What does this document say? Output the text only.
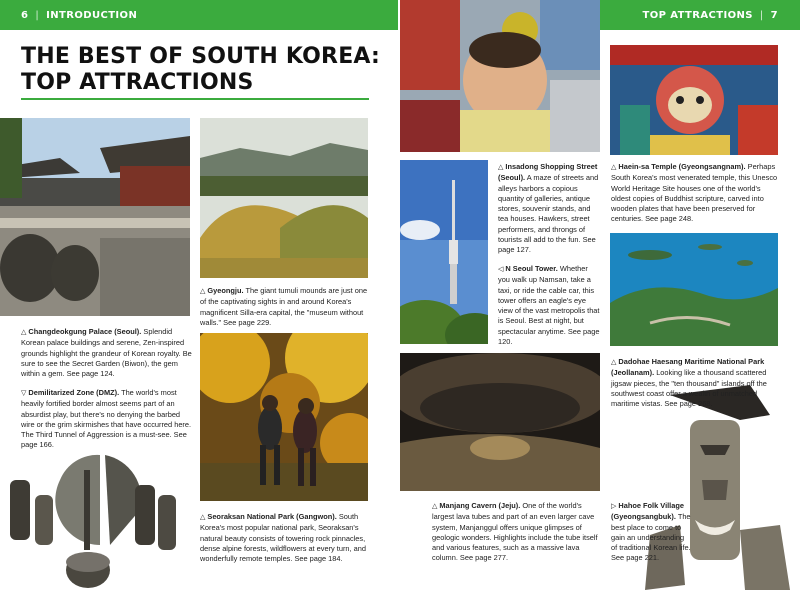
6 | INTRODUCTION	TOP ATTRACTIONS | 7
THE BEST OF SOUTH KOREA:
TOP ATTRACTIONS
△ Changdeokgung Palace (Seoul). Splendid Korean palace buildings and serene, Zen-inspired grounds highlight the grandeur of Korean royalty. Be sure to see the Secret Garden (Biwon), the gem within a gem. See page 124.
▽ Demilitarized Zone (DMZ). The world's most heavily fortified border almost seems part of an absurdist play, but there's no denying the barbed wire or the grim skirmishes that have occurred here. The Third Tunnel of Aggression is a must-see. See page 166.
△ Gyeongju. The giant tumuli mounds are just one of the captivating sights in and around Korea's magnificent Silla-era capital, the "museum without walls." See page 229.
△ Seoraksan National Park (Gangwon). South Korea's most popular national park, Seoraksan's natural beauty consists of towering rock pinnacles, dense alpine forests, wildflowers at every turn, and wonderfully remote temples. See page 184.
△ Insadong Shopping Street (Seoul). A maze of streets and alleys harbors a copious quantity of galleries, antique stores, souvenir stands, and tea houses. Hawkers, street performers, and throngs of tourists all add to the fun. See page 127.
◁ N Seoul Tower. Whether you walk up Namsan, take a taxi, or ride the cable car, this tower offers an eagle's eye view of the vast metropolis that is Seoul. Best at night, but spectacular anytime. See page 120.
△ Manjang Cavern (Jeju). One of the world's largest lava tubes and part of an even larger cave system, Manjanggul offers unique glimpses of geologic wonders. Highlights include the tube itself and various features, such as a massive lava column. See page 277.
△ Haein-sa Temple (Gyeongsangnam). Perhaps South Korea's most venerated temple, this Unesco World Heritage Site houses one of the world's oldest copies of Buddhist scripture, carved into wooden plates that have been preserved for centuries. See page 248.
△ Dadohae Haesang Maritime National Park (Jeollanam). Looking like a thousand scattered jigsaw pieces, the "ten thousand" islands off the southwest coast offer a wealth of unmatched maritime vistas. See page 268.
▷ Hahoe Folk Village (Gyeongsangbuk). The best place to come to gain an understanding of traditional Korean life. See page 221.
